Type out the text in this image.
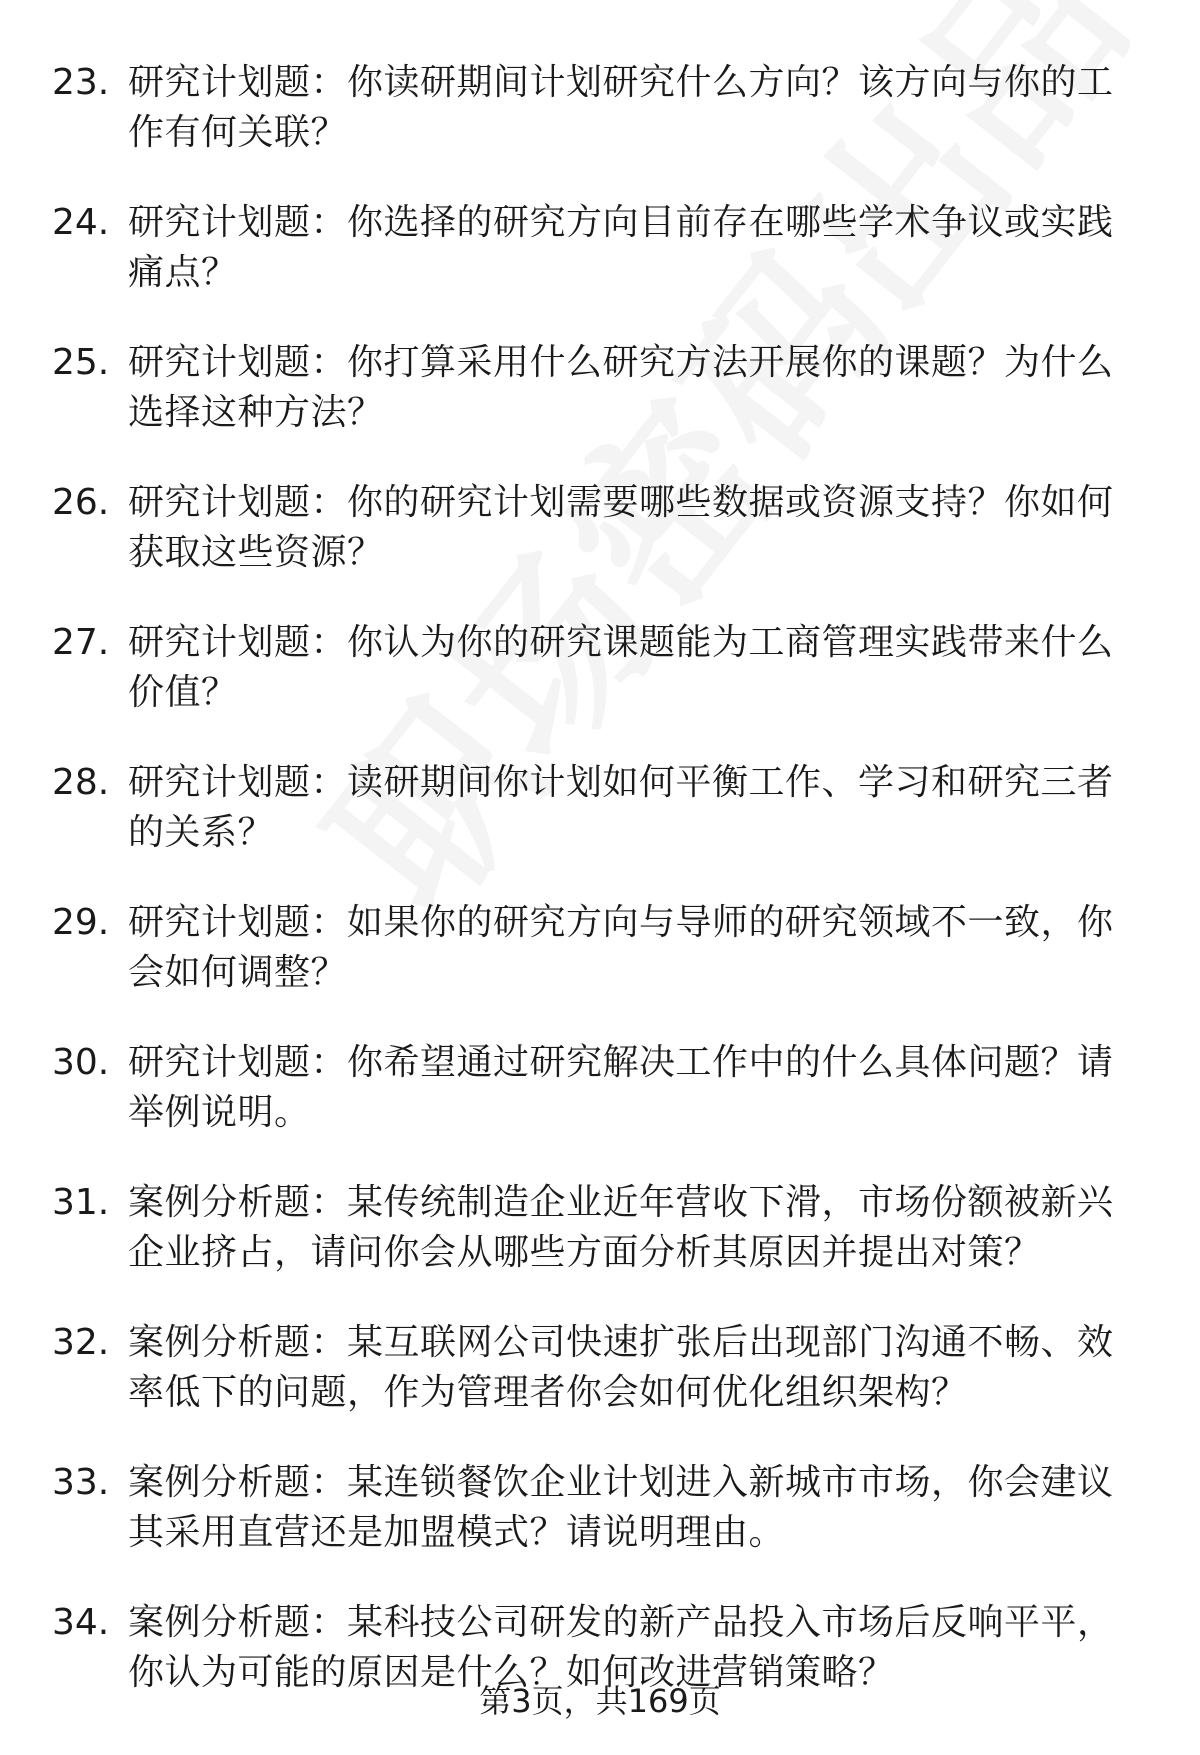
23. 研究计划题：你读研期间计划研究什么方向？该方向与你的工作有何关联？
24. 研究计划题：你选择的研究方向目前存在哪些学术争议或实践痛点？
25. 研究计划题：你打算采用什么研究方法开展你的课题？为什么选择这种方法？
26. 研究计划题：你的研究计划需要哪些数据或资源支持？你如何获取这些资源？
27. 研究计划题：你认为你的研究课题能为工商管理实践带来什么价值？
28. 研究计划题：读研期间你计划如何平衡工作、学习和研究三者的关系？
29. 研究计划题：如果你的研究方向与导师的研究领域不一致，你会如何调整？
30. 研究计划题：你希望通过研究解决工作中的什么具体问题？请举例说明。
31. 案例分析题：某传统制造企业近年营收下滑，市场份额被新兴企业挤占，请问你会从哪些方面分析其原因并提出对策？
32. 案例分析题：某互联网公司快速扩张后出现部门沟通不畅、效率低下的问题，作为管理者你会如何优化组织架构？
33. 案例分析题：某连锁餐饮企业计划进入新城市市场，你会建议其采用直营还是加盟模式？请说明理由。
34. 案例分析题：某科技公司研发的新产品投入市场后反响平平，你认为可能的原因是什么？如何改进营销策略？
第3页，共169页
